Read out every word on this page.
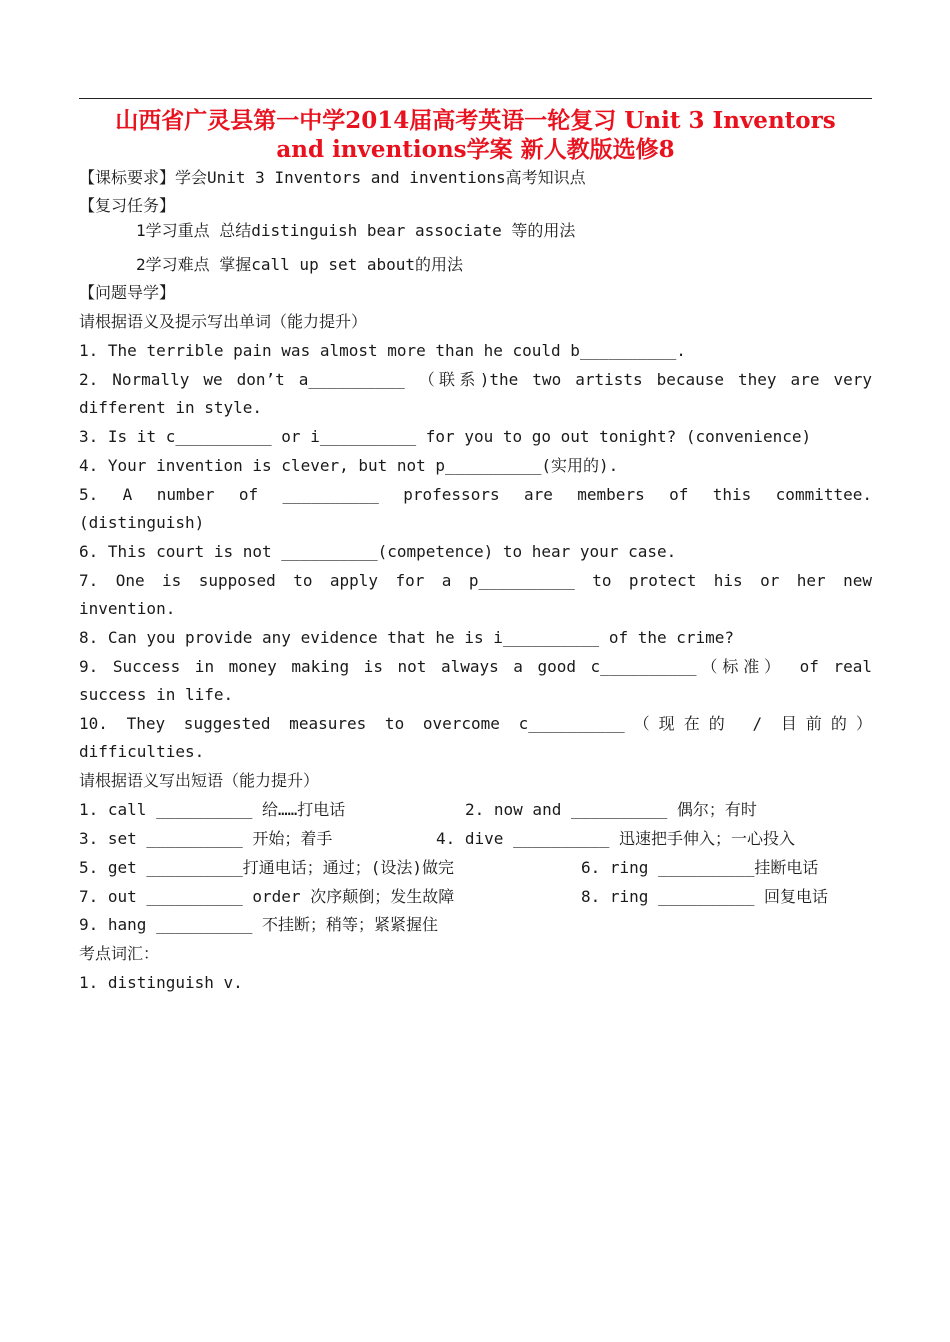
山西省广灵县第一中学2014届高考英语一轮复习 Unit 3 Inventors
and inventions学案 新人教版选修8
【课标要求】学会Unit 3 Inventors and inventions高考知识点
【复习任务】
1学习重点 总结distinguish bear associate 等的用法
2学习难点 掌握call up set about的用法
【问题导学】
请根据语义及提示写出单词（能力提升）
1. The terrible pain was almost more than he could b__________.
2. Normally we don’t a__________ （联系)the two artists because they are very
different in style.
3. Is it c__________ or i__________ for you to go out tonight? (convenience)
4. Your invention is clever, but not p__________(实用的).
5. A number of __________ professors are members of this committee.
(distinguish)
6. This court is not __________(competence) to hear your case.
7. One is supposed to apply for a p__________ to protect his or her new
invention.
8. Can you provide any evidence that he is i__________ of the crime?
9. Success in money making is not always a good c__________（标准） of real
success in life.
10. They suggested measures to overcome c__________（现在的 / 目前的）
difficulties.
请根据语义写出短语（能力提升）
1. call __________ 给……打电话	2. now and __________ 偶尔；有时
3. set __________ 开始；着手	4. dive __________ 迅速把手伸入；一心投入
5. get __________打通电话；通过；(设法)做完	6. ring __________挂断电话
7. out __________ order 次序颠倒；发生故障	8. ring __________ 回复电话
9. hang __________ 不挂断；稍等；紧紧握住
考点词汇：
1. distinguish v.
